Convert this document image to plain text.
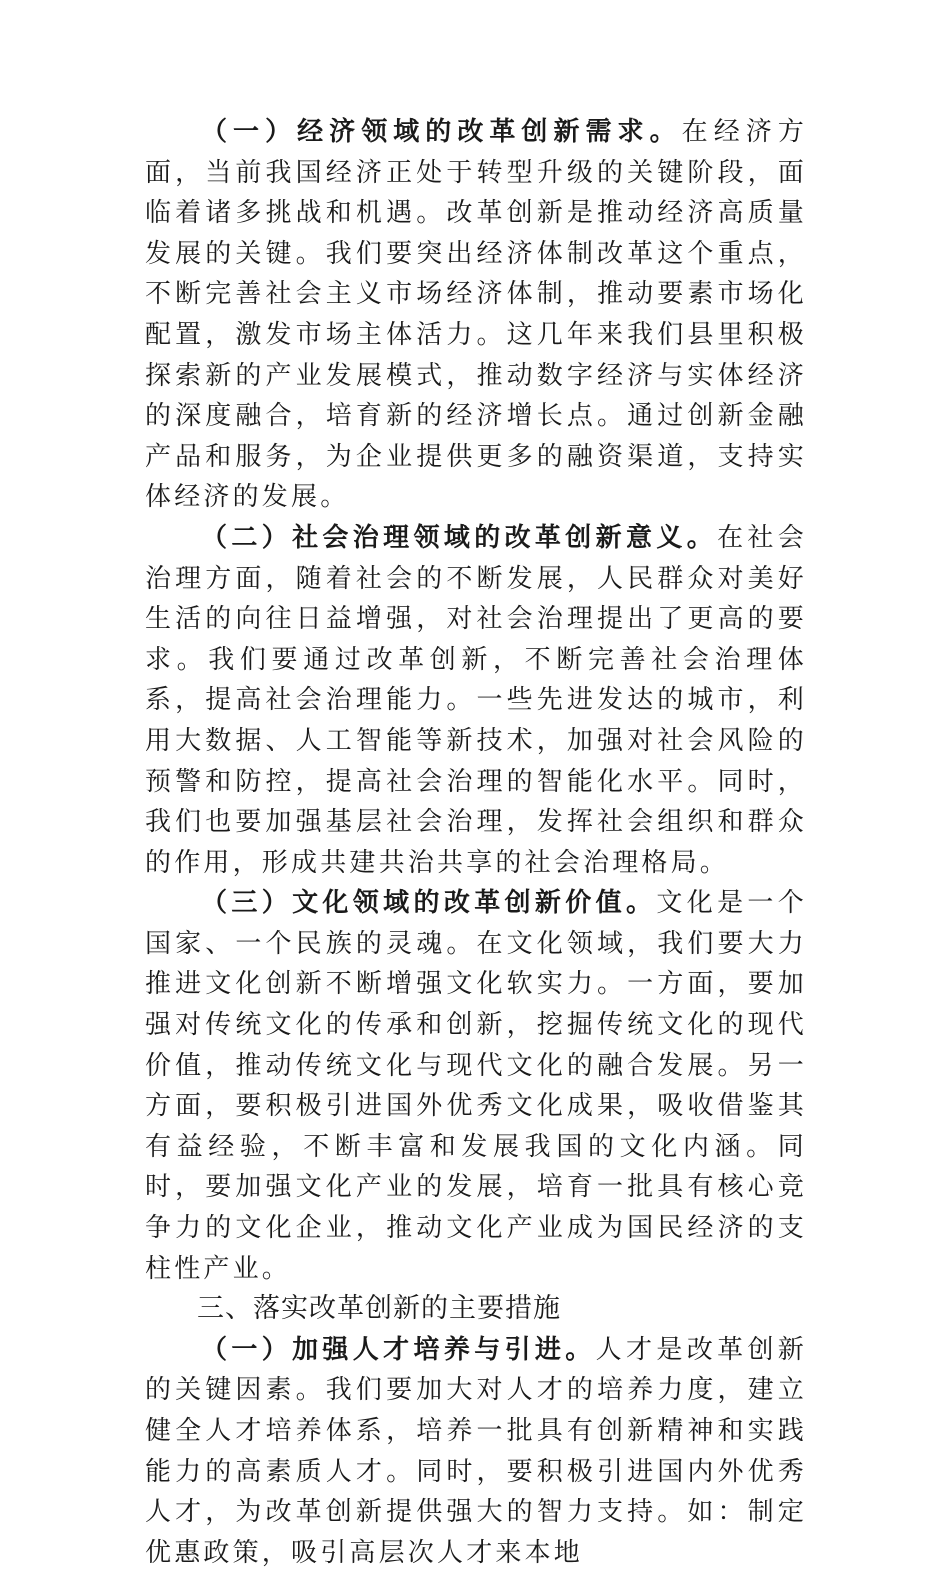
（一）经济领域的改革创新需求。在经济方面，当前我国经济正处于转型升级的关键阶段，面临着诸多挑战和机遇。改革创新是推动经济高质量发展的关键。我们要突出经济体制改革这个重点，不断完善社会主义市场经济体制，推动要素市场化配置，激发市场主体活力。这几年来我们县里积极探索新的产业发展模式，推动数字经济与实体经济的深度融合，培育新的经济增长点。通过创新金融产品和服务，为企业提供更多的融资渠道，支持实体经济的发展。

（二）社会治理领域的改革创新意义。在社会治理方面，随着社会的不断发展，人民群众对美好生活的向往日益增强，对社会治理提出了更高的要求。我们要通过改革创新，不断完善社会治理体系，提高社会治理能力。一些先进发达的城市，利用大数据、人工智能等新技术，加强对社会风险的预警和防控，提高社会治理的智能化水平。同时，我们也要加强基层社会治理，发挥社会组织和群众的作用，形成共建共治共享的社会治理格局。

（三）文化领域的改革创新价值。文化是一个国家、一个民族的灵魂。在文化领域，我们要大力推进文化创新不断增强文化软实力。一方面，要加强对传统文化的传承和创新，挖掘传统文化的现代价值，推动传统文化与现代文化的融合发展。另一方面，要积极引进国外优秀文化成果，吸收借鉴其有益经验，不断丰富和发展我国的文化内涵。同时，要加强文化产业的发展，培育一批具有核心竞争力的文化企业，推动文化产业成为国民经济的支柱性产业。

三、落实改革创新的主要措施

（一）加强人才培养与引进。人才是改革创新的关键因素。我们要加大对人才的培养力度，建立健全人才培养体系，培养一批具有创新精神和实践能力的高素质人才。同时，要积极引进国内外优秀人才，为改革创新提供强大的智力支持。如：制定优惠政策，吸引高层次人才来本地
